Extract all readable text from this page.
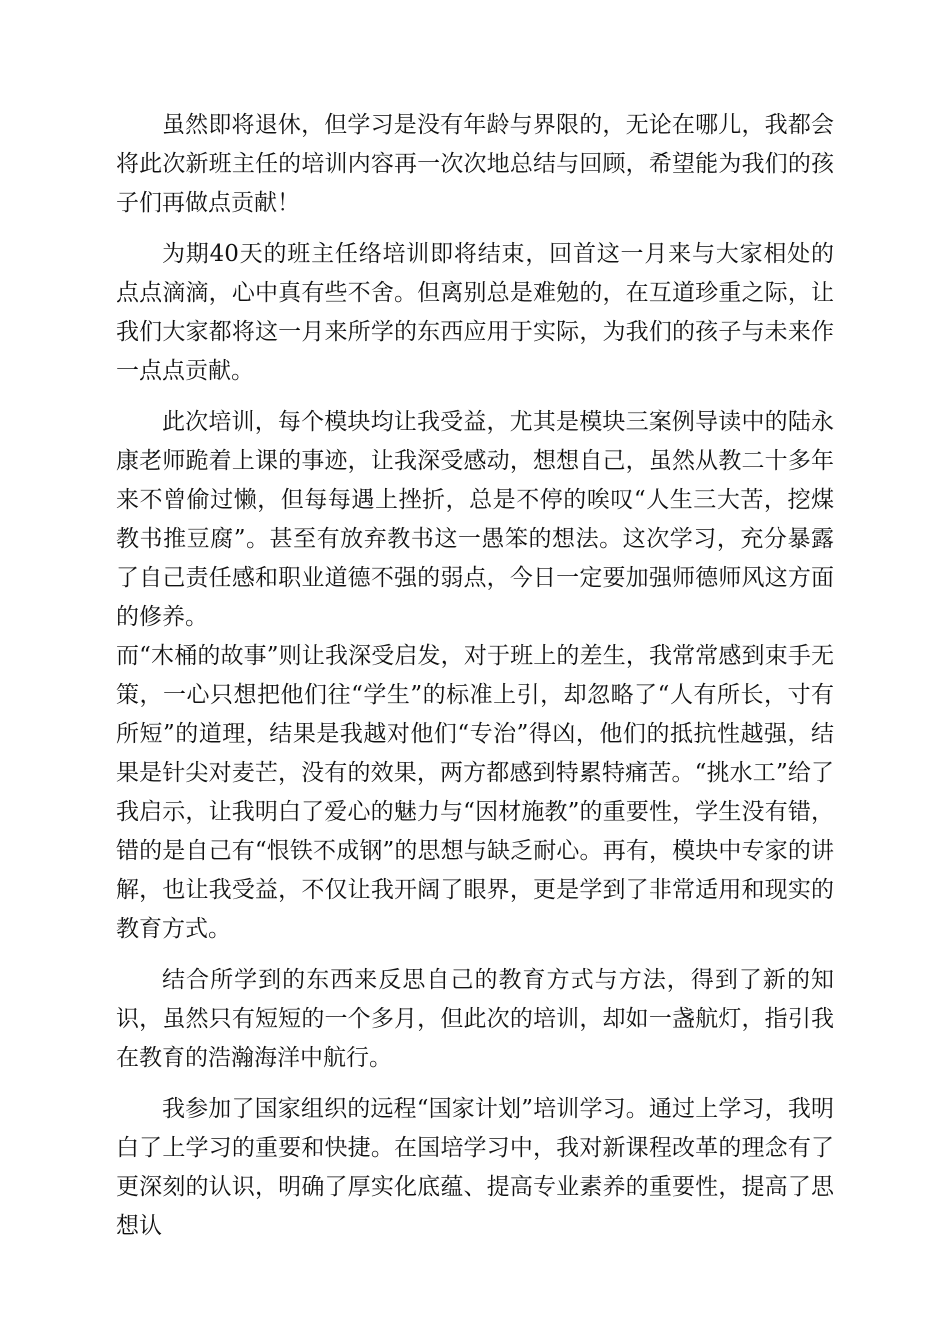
虽然即将退休，但学习是没有年龄与界限的，无论在哪儿，我都会将此次新班主任的培训内容再一次次地总结与回顾，希望能为我们的孩子们再做点贡献！

为期40天的班主任络培训即将结束，回首这一月来与大家相处的点点滴滴，心中真有些不舍。但离别总是难勉的，在互道珍重之际，让我们大家都将这一月来所学的东西应用于实际，为我们的孩子与未来作一点点贡献。

此次培训，每个模块均让我受益，尤其是模块三案例导读中的陆永康老师跪着上课的事迹，让我深受感动，想想自己，虽然从教二十多年来不曾偷过懒，但每每遇上挫折，总是不停的唉叹“人生三大苦，挖煤教书推豆腐”。甚至有放弃教书这一愚笨的想法。这次学习，充分暴露了自己责任感和职业道德不强的弱点，今日一定要加强师德师风这方面的修养。

而“木桶的故事”则让我深受启发，对于班上的差生，我常常感到束手无策，一心只想把他们往“学生”的标准上引，却忽略了“人有所长，寸有所短”的道理，结果是我越对他们“专治”得凶，他们的抵抗性越强，结果是针尖对麦芒，没有的效果，两方都感到特累特痛苦。“挑水工”给了我启示，让我明白了爱心的魅力与“因材施教”的重要性，学生没有错，错的是自己有“恨铁不成钢”的思想与缺乏耐心。再有，模块中专家的讲解，也让我受益，不仅让我开阔了眼界，更是学到了非常适用和现实的教育方式。

结合所学到的东西来反思自己的教育方式与方法，得到了新的知识，虽然只有短短的一个多月，但此次的培训，却如一盏航灯，指引我在教育的浩瀚海洋中航行。

我参加了国家组织的远程“国家计划”培训学习。通过上学习，我明白了上学习的重要和快捷。在国培学习中，我对新课程改革的理念有了更深刻的认识，明确了厚实化底蕴、提高专业素养的重要性，提高了思想认
